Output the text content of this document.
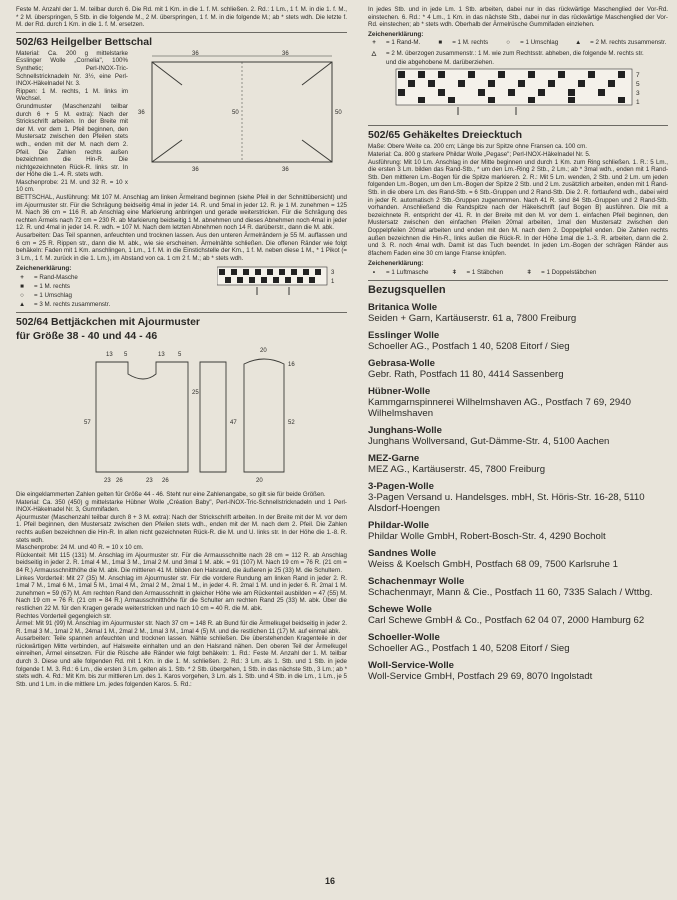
Feste M. Anzahl der 1. M. teilbar durch 6. Die Rd. mit 1 Km. in die 1. f. M. schließen. 2. Rd.: 1 Lm., 1 f. M. in die 1. f. M., * 2 M. überspringen, 5 Stb. in die folgende M., 2 M. überspringen, 1 f. M. in die folgende M.; ab * stets wdh. Die letzte f. M. der Rd. durch 1 Km. in die 1. f. M. ersetzen.

502/63 Heilgelber Bettschal

Material: Ca. 200 g mittelstarke Esslinger Wolle „Cornelia", 100% Synthetic; Perl-INOX-Tric-Schnellstricknadeln Nr. 3½, eine Perl-INOX-Häkelnadel Nr. 3.

Rippen: 1 M. rechts, 1 M. links im Wechsel.

Grundmuster (Maschenzahl teilbar durch 6 + 5 M. extra): Nach der Strickschrift arbeiten. In der Breite mit der M. vor dem 1. Pfeil beginnen, den Mustersatz zwischen den Pfeilen stets wdh., enden mit der M. nach dem 2. Pfeil. Die Zahlen rechts außen bezeichnen die Hin-R. Die nichtgezeichneten Rück-R. links str. In der Höhe die 1.-4. R. stets wdh.

Maschenprobe: 21 M. und 32 R. = 10 x 10 cm.

36	36
36	36
36	50	50

BETTSCHAL, Ausführung: Mit 107 M. Anschlag am linken Ärmelrand beginnen (siehe Pfeil in der Schnittübersicht) und im Ajourmuster str. Für die Schrägung beidseitig 4mal in jeder 14. R. und 5mal in jeder 12. R. je 1 M. zunehmen = 125 M. Nach 36 cm = 116 R. ab Anschlag eine Markierung anbringen und gerade weiterstricken. Für die Schrägung des rechten Ärmels nach 72 cm = 230 R. ab Markierung beidseitig 1 M. abnehmen und dieses Abnehmen noch 4mal in jeder 12. R. und 4mal in jeder 14. R. wdh. = 107 M. Nach dem letzten Abnehmen noch 14 R. darüberstr., dann die M. abk.

Ausarbeiten: Das Teil spannen, anfeuchten und trocknen lassen. Aus den unteren Ärmelrändern je 55 M. auffassen und 6 cm = 25 R. Rippen str., dann die M. abk., wie sie erscheinen. Ärmelnähte schließen. Die offenen Ränder wie folgt behäkeln: Faden mit 1 Km. anschlingen, 1 Lm., 1 f. M. in die Einstichstelle der Km., 1 f. M. neben diese 1 M., * 1 Pikot (= 3 Lm., 1 f. M. zurück in die 1. Lm.), im Abstand von ca. 1 cm 2 f. M.; ab * stets wdh.

Zeichenerklärung:
+	= Rand-Masche
■	= 1 M. rechts
○	= 1 Umschlag
▲	= 3 M. rechts zusammenstr.
3
1
502/64 Bettjäckchen mit Ajourmuster
für Größe 38 - 40 und 44 - 46
13 5	13 5
20
16
57
25
47	52
23 26	23 26	20

Die eingeklammerten Zahlen gelten für Größe 44 - 46. Steht nur eine Zahlenangabe, so gilt sie für beide Größen.

Material: Ca. 350 (450) g mittelstarke Hübner Wolle „Création Baby", Perl-INOX-Tric-Schnellstricknadeln und 1 Perl-INOX-Häkelnadel Nr. 3, Gummifaden.

Ajourmuster (Maschenzahl teilbar durch 8 + 3 M. extra): Nach der Strickschrift arbeiten. In der Breite mit der M. vor dem 1. Pfeil beginnen, den Mustersatz zwischen den Pfeilen stets wdh., enden mit der M. nach dem 2. Pfeil. Die Zahlen rechts außen bezeichnen die Hin-R. In allen nicht gezeichneten Rück-R. die M. und U. links str. In der Höhe die 1.-8. R. stets wdh.

Maschenprobe: 24 M. und 40 R. = 10 x 10 cm.

Rückenteil: Mit 115 (131) M. Anschlag im Ajourmuster str. Für die Armausschnitte nach 28 cm = 112 R. ab Anschlag beidseitig in jeder 2. R. 1mal 4 M., 1mal 3 M., 1mal 2 M. und 3mal 1 M. abk. = 91 (107) M. Nach 19 cm = 76 R. (21 cm = 84 R.) Armausschnitthöhe die M. abk. Die mittleren 41 M. bilden den Halsrand, die äußeren je 25 (33) M. die Schultern.

Linkes Vorderteil: Mit 27 (35) M. Anschlag im Ajourmuster str. Für die vordere Rundung am linken Rand in jeder 2. R. 1mal 7 M., 1mal 6 M., 1mal 5 M., 1mal 4 M., 2mal 2 M., 2mal 1 M., in jeder 4. R. 2mal 1 M. und in jeder 6. R. 2mal 1 M. zunehmen = 59 (67) M. Am rechten Rand den Armausschnitt in gleicher Höhe wie am Rückenteil ausbilden = 47 (55) M. Nach 19 cm = 76 R. (21 cm = 84 R.) Armausschnitthöhe für die Schulter am rechten Rand 25 (33) M. abk. Über die restlichen 22 M. für den Kragen gerade weiterstricken und nach 10 cm = 40 R. die M. abk.

Rechtes Vorderteil gegengleich str.

Ärmel: Mit 91 (99) M. Anschlag im Ajourmuster str. Nach 37 cm = 148 R. ab Bund für die Ärmelkugel beidseitig in jeder 2. R. 1mal 3 M., 1mal 2 M., 24mal 1 M., 2mal 2 M., 1mal 3 M., 1mal 4 (5) M. und die restlichen 11 (17) M. auf einmal abk.

Ausarbeiten: Teile spannen anfeuchten und trocknen lassen. Nähte schließen. Die überstehenden Kragenteile in der rückwärtigen Mitte verbinden, auf Halsweite einhalten und an den Halsrand nähen. Den oberen Teil der Ärmelkugel einreihen, Ärmel einsetzen. Für die Rüsche alle Ränder wie folgt behäkeln: 1. Rd.: Feste M. Anzahl der 1. M. teilbar durch 3. Diese und alle folgenden Rd. mit 1 Km. in die 1. M. schließen. 2. Rd.: 3 Lm. als 1. Stb. und 1 Stb. in jede folgende f. M. 3. Rd.: 6 Lm., die ersten 3 Lm. gelten als 1. Stb. * 2 Stb. übergehen, 1 Stb. in das nächste Stb., 3 Lm.; ab * stets wdh. 4. Rd.: Mit Km. bis zur mittleren Lm. des 1. Karos vorgehen, 3 Lm. als 1. Stb. und 4 Stb. in die Lm., 1 Lm., je 5 Stb. und 1 Lm. in die mittlere Lm. jedes folgenden Karos. 5. Rd.:

In jedes Stb. und in jede Lm. 1 Stb. arbeiten, dabei nur in das rückwärtige Maschenglied der Vor-Rd. einstechen. 6. Rd.: * 4 Lm., 1 Km. in das nächste Stb., dabei nur in das rückwärtige Maschenglied der Vor-Rd. einstechen; ab * stets wdh. Oberhalb der Ärmelrüsche Gummifaden einziehen.

Zeichenerklärung:
+	= 1 Rand-M.	■	= 1 M. rechts	○	= 1 Umschlag	▲	= 2 M. rechts zusammenstr.
△	= 2 M. überzogen zusammenstr.: 1 M. wie zum Rechtsstr. abheben, die folgende M. rechts str. und die abgehobene M. darüberziehen.
7
5
3
1
502/65 Gehäkeltes Dreiecktuch

Maße: Obere Weite ca. 200 cm; Länge bis zur Spitze ohne Fransen ca. 100 cm.

Material: Ca. 800 g starkere Phildar Wolle „Pegase"; Perl-INOX-Häkelnadel Nr. 5.

Ausführung: Mit 10 Lm. Anschlag in der Mitte beginnen und durch 1 Km. zum Ring schließen. 1. R.: 5 Lm., die ersten 3 Lm. bilden das Rand-Stb., * um den Lm.-Ring 2 Stb., 2 Lm.; ab * 3mal wdh., enden mit 1 Rand-Stb. Den mittleren Lm.-Bogen für die Spitze markieren. 2. R.: Mit 5 Lm. wenden, 2 Stb. und 2 Lm. um jeden folgenden Lm.-Bogen, um den Lm.-Bogen der Spitze 2 Stb. und 2 Lm. zusätzlich arbeiten, enden mit 1 Rand-Stb. in die obere Lm. des Rand-Stb. = 6 Stb.-Gruppen und 2 Rand-Stb. Die 2. R. fortlaufend wdh., dabei wird in jeder R. automatisch 2 Stb.-Gruppen zugenommen. Nach 41 R. sind 84 Stb.-Gruppen und 2 Rand-Stb. vorhanden. Anschließend die Randspitze nach der Häkelschrift (auf Bogen B) ausführen. Die mit a bezeichnete R. entspricht der 41. R. In der Breite mit den M. vor dem 1. einfachen Pfeil beginnen, den Mustersatz zwischen den einfachen Pfeilen 20mal arbeiten, 1mal den Mustersatz zwischen den Doppelpfeilen 20mal arbeiten und enden mit den M. nach dem 2. Doppelpfeil enden. Die Zahlen rechts außen bezeichnen die Hin-R., links außen die Rück-R. In der Höhe 1mal die 1.-3. R. arbeiten, dann die 2. und 3. R. noch 4mal wdh. Damit ist das Tuch beendet. In jeden Lm.-Bogen der schrägen Ränder aus 8fachem Faden eine 30 cm lange Franse knüpfen.

Zeichenerklärung:
•	= 1 Luftmasche	ǂ	= 1 Stäbchen	ǂ	= 1 Doppelstäbchen
Bezugsquellen
Britanica Wolle
Seiden + Garn, Kartäuserstr. 61 a, 7800 Freiburg
Esslinger Wolle
Schoeller AG., Postfach 1 40, 5208 Eitorf / Sieg
Gebrasa-Wolle
Gebr. Rath, Postfach 11 80, 4414 Sassenberg
Hübner-Wolle
Kammgarnspinnerei Wilhelmshaven AG., Postfach 7 69, 2940 Wilhelmshaven
Junghans-Wolle
Junghans Wollversand, Gut-Dämme-Str. 4, 5100 Aachen
MEZ-Garne
MEZ AG., Kartäuserstr. 45, 7800 Freiburg
3-Pagen-Wolle
3-Pagen Versand u. Handelsges. mbH, St. Höris-Str. 16-28, 5110 Alsdorf-Hoengen
Phildar-Wolle
Phildar Wolle GmbH, Robert-Bosch-Str. 4, 4290 Bocholt
Sandnes Wolle
Weiss & Koelsch GmbH, Postfach 68 09, 7500 Karlsruhe 1
Schachenmayr Wolle
Schachenmayr, Mann & Cie., Postfach 11 60, 7335 Salach / Wttbg.
Schewe Wolle
Carl Schewe GmbH & Co., Postfach 62 04 07, 2000 Hamburg 62
Schoeller-Wolle
Schoeller AG., Postfach 1 40, 5208 Eitorf / Sieg
Woll-Service-Wolle
Woll-Service GmbH, Postfach 29 69, 8070 Ingolstadt
16
